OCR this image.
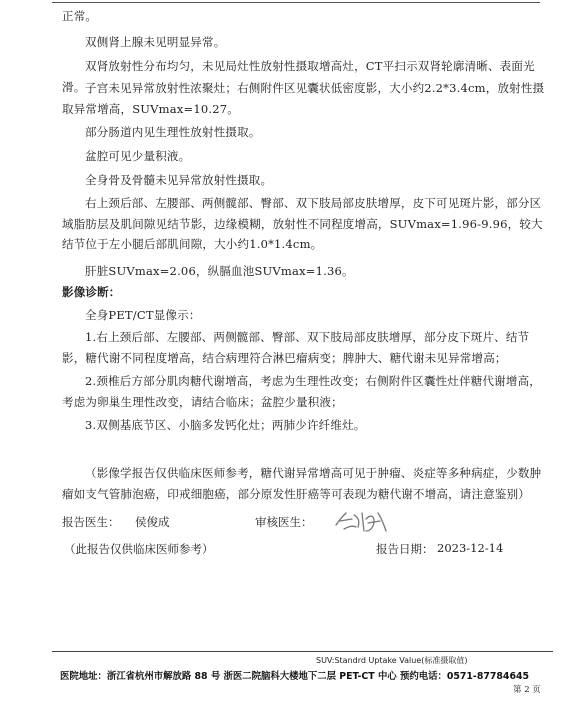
正常。

双侧肾上腺未见明显异常。

双肾放射性分布均匀，未见局灶性放射性摄取增高灶，CT平扫示双肾轮廓清晰、表面光滑。 子宫未见异常放射性浓聚灶；右侧附件区见囊状低密度影，大小约2.2*3.4cm，放射性摄取异常增高，SUVmax=10.27。

部分肠道内见生理性放射性摄取。

盆腔可见少量积液。

全身骨及骨髓未见异常放射性摄取。

右上颈后部、左腰部、两侧髋部、臀部、双下肢局部皮肤增厚，皮下可见斑片影，部分区域脂肪层及肌间隙见结节影，边缘模糊，放射性不同程度增高，SUVmax=1.96-9.96，较大结节位于左小腿后部肌间隙，大小约1.0*1.4cm。

肝脏SUVmax=2.06，纵膈血池SUVmax=1.36。

影像诊断：

全身PET/CT显像示：

1.右上颈后部、左腰部、两侧髋部、臀部、双下肢局部皮肤增厚，部分皮下斑片、结节影，糖代谢不同程度增高，结合病理符合淋巴瘤病变；脾肿大、糖代谢未见异常增高；

2.颈椎后方部分肌肉糖代谢增高，考虑为生理性改变；右侧附件区囊性灶伴糖代谢增高，考虑为卵巢生理性改变，请结合临床；盆腔少量积液；

3.双侧基底节区、小脑多发钙化灶；两肺少许纤维灶。

（影像学报告仅供临床医师参考，糖代谢异常增高可见于肿瘤、炎症等多种病症，少数肿瘤如支气管肺泡癌，印戒细胞癌，部分原发性肝癌等可表现为糖代谢不增高，请注意鉴别）

报告医生： 侯俊成	审核医生：
（此报告仅供临床医师参考）	报告日期： 2023-12-14
SUV:Standrd Uptake Value(标准摄取值)
医院地址：浙江省杭州市解放路 88 号 浙医二院脑科大楼地下二层 PET-CT 中心 预约电话：0571-87784645
第 2 页
